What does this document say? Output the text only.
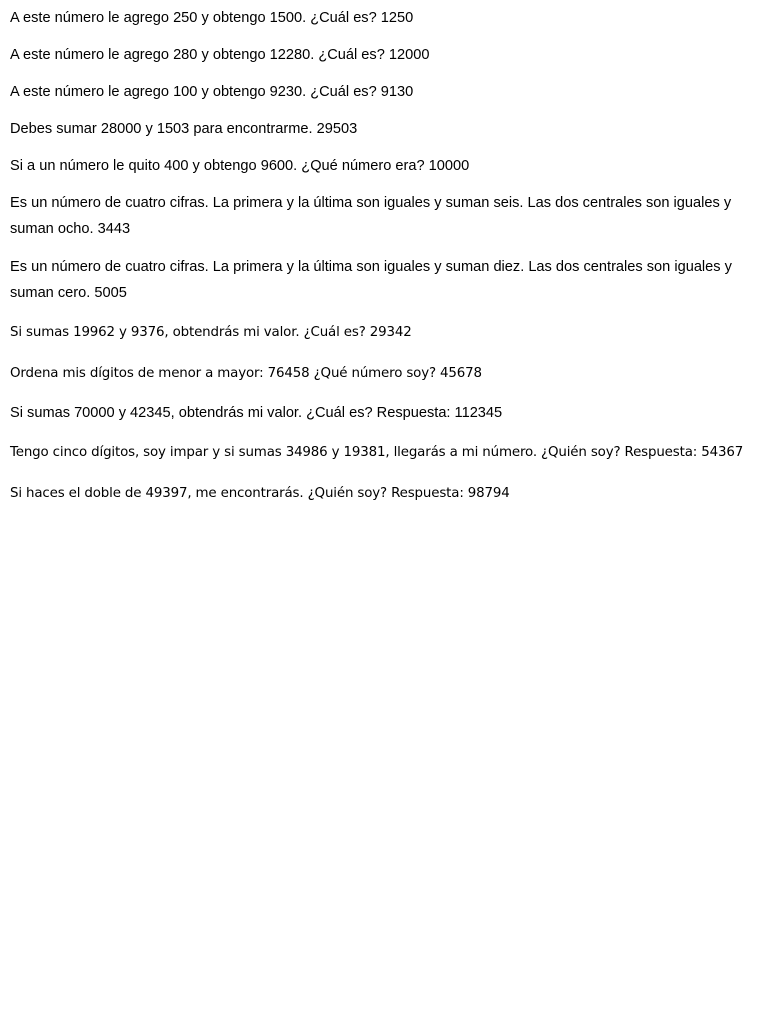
A este número le agrego 250 y obtengo 1500. ¿Cuál es? 1250

A este número le agrego 280 y obtengo 12280. ¿Cuál es? 12000

A este número le agrego 100 y obtengo 9230. ¿Cuál es? 9130

Debes sumar 28000 y 1503 para encontrarme. 29503

Si a un número le quito 400 y obtengo 9600. ¿Qué número era? 10000

Es un número de cuatro cifras. La primera y la última son iguales y suman seis. Las dos centrales son iguales y suman ocho. 3443

Es un número de cuatro cifras. La primera y la última son iguales y suman diez. Las dos centrales son iguales y suman cero. 5005

Si sumas 19962 y 9376, obtendrás mi valor. ¿Cuál es? 29342

Ordena mis dígitos de menor a mayor: 76458 ¿Qué número soy? 45678

Si sumas 70000 y 42345, obtendrás mi valor. ¿Cuál es? Respuesta: 112345

Tengo cinco dígitos, soy impar y si sumas 34986 y 19381, llegarás a mi número. ¿Quién soy? Respuesta: 54367

Si haces el doble de 49397, me encontrarás. ¿Quién soy? Respuesta: 98794
